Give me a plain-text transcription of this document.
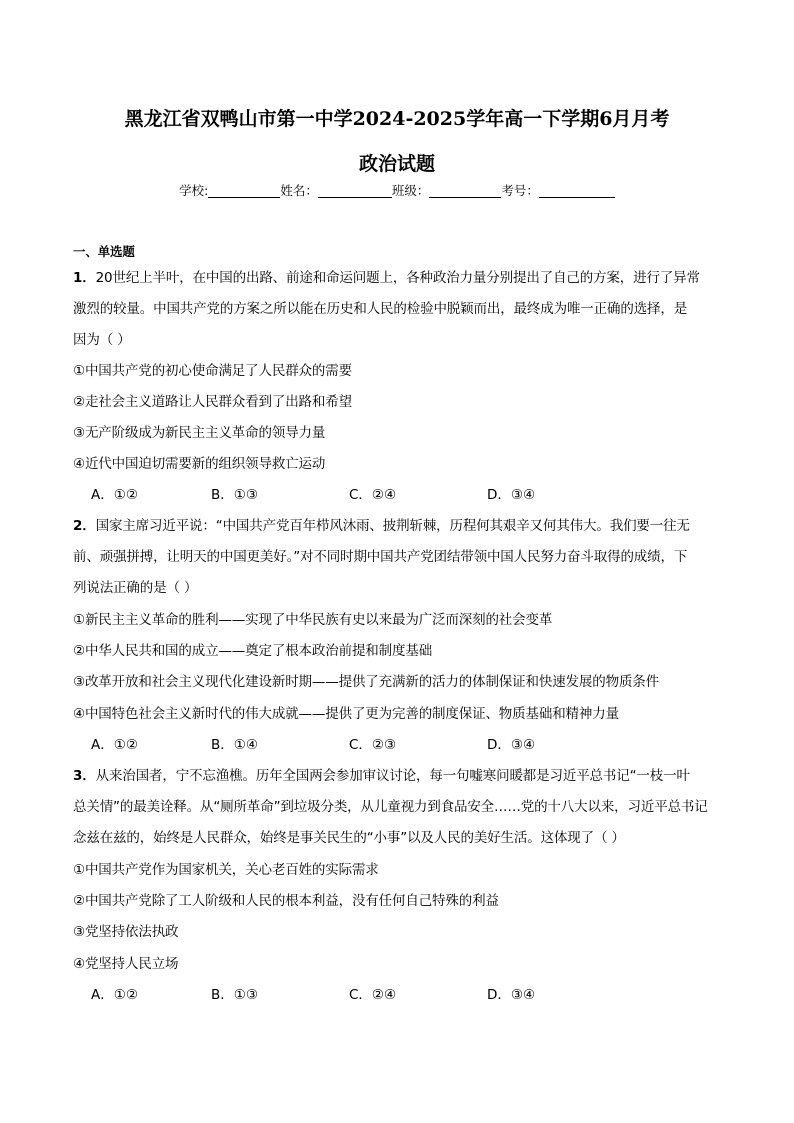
黑龙江省双鸭山市第一中学2024-2025学年高一下学期6月月考
政治试题
学校:	姓名：	班级：	考号：
一、单选题
1．20世纪上半叶，在中国的出路、前途和命运问题上，各种政治力量分别提出了自己的方案，进行了异常
激烈的较量。中国共产党的方案之所以能在历史和人民的检验中脱颖而出，最终成为唯一正确的选择，是
因为（ ）
①中国共产党的初心使命满足了人民群众的需要
②走社会主义道路让人民群众看到了出路和希望
③无产阶级成为新民主主义革命的领导力量
④近代中国迫切需要新的组织领导救亡运动
A．①②	B．①③	C．②④	D．③④
2．国家主席习近平说：“中国共产党百年栉风沐雨、披荆斩棘，历程何其艰辛又何其伟大。我们要一往无
前、顽强拼搏，让明天的中国更美好。”对不同时期中国共产党团结带领中国人民努力奋斗取得的成绩，下
列说法正确的是（ ）
①新民主主义革命的胜利——实现了中华民族有史以来最为广泛而深刻的社会变革
②中华人民共和国的成立——奠定了根本政治前提和制度基础
③改革开放和社会主义现代化建设新时期——提供了充满新的活力的体制保证和快速发展的物质条件
④中国特色社会主义新时代的伟大成就——提供了更为完善的制度保证、物质基础和精神力量
A．①②	B．①④	C．②③	D．③④
3．从来治国者，宁不忘渔樵。历年全国两会参加审议讨论，每一句嘘寒问暖都是习近平总书记“一枝一叶
总关情”的最美诠释。从“厕所革命”到垃圾分类，从儿童视力到食品安全……党的十八大以来，习近平总书记
念兹在兹的，始终是人民群众，始终是事关民生的“小事”以及人民的美好生活。这体现了（ ）
①中国共产党作为国家机关，关心老百姓的实际需求
②中国共产党除了工人阶级和人民的根本利益，没有任何自己特殊的利益
③党坚持依法执政
④党坚持人民立场
A．①②	B．①③	C．②④	D．③④
